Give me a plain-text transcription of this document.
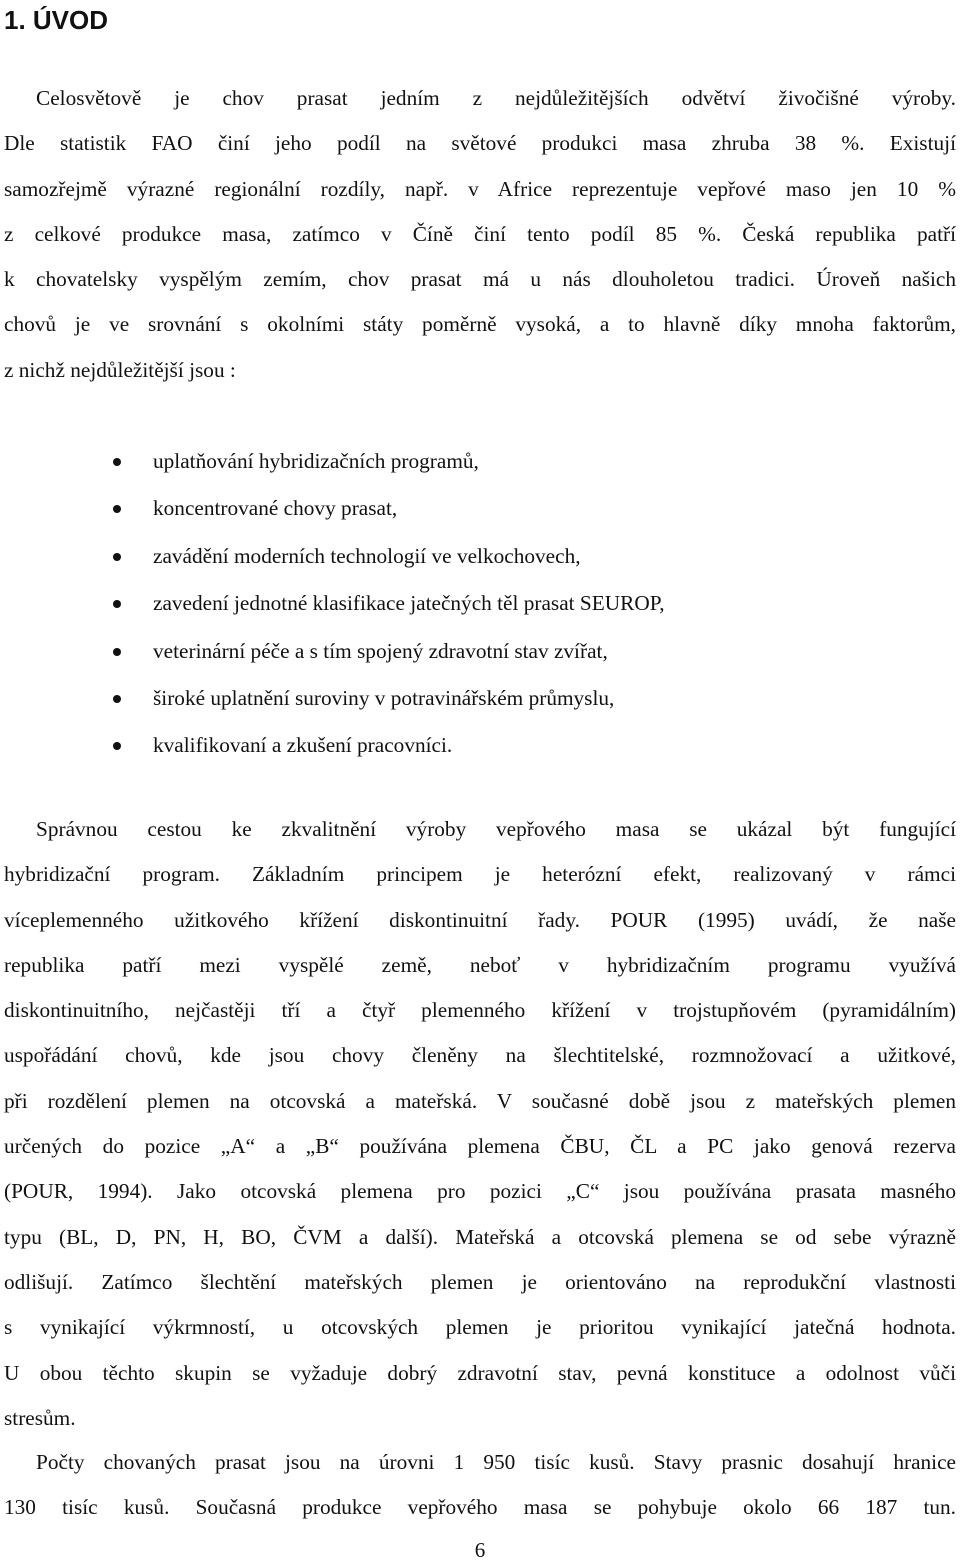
1. ÚVOD

Celosvětově je chov prasat jedním z nejdůležitějších odvětví živočišné výroby.
Dle statistik FAO činí jeho podíl na světové produkci masa zhruba 38 %. Existují
samozřejmě výrazné regionální rozdíly, např. v Africe reprezentuje vepřové maso jen 10 %
z celkové produkce masa, zatímco v Číně činí tento podíl 85 %. Česká republika patří
k chovatelsky vyspělým zemím, chov prasat má u nás dlouholetou tradici. Úroveň našich
chovů je ve srovnání s okolními státy poměrně vysoká, a to hlavně díky mnoha faktorům,
z nichž nejdůležitější jsou :

uplatňování hybridizačních programů,
koncentrované chovy prasat,
zavádění moderních technologií ve velkochovech,
zavedení jednotné klasifikace jatečných těl prasat SEUROP,
veterinární péče a s tím spojený zdravotní stav zvířat,
široké uplatnění suroviny v potravinářském průmyslu,
kvalifikovaní a zkušení pracovníci.

Správnou cestou ke zkvalitnění výroby vepřového masa se ukázal být fungující
hybridizační program. Základním principem je heterózní efekt, realizovaný v rámci
víceplemenného užitkového křížení diskontinuitní řady. POUR (1995) uvádí, že naše
republika patří mezi vyspělé země, neboť v hybridizačním programu využívá
diskontinuitního, nejčastěji tří a čtyř plemenného křížení v trojstupňovém (pyramidálním)
uspořádání chovů, kde jsou chovy členěny na šlechtitelské, rozmnožovací a užitkové,
při rozdělení plemen na otcovská a mateřská. V současné době jsou z mateřských plemen
určených do pozice „A“ a „B“ používána plemena ČBU, ČL a PC jako genová rezerva
(POUR, 1994). Jako otcovská plemena pro pozici „C“ jsou používána prasata masného
typu (BL, D, PN, H, BO, ČVM a další). Mateřská a otcovská plemena se od sebe výrazně
odlišují. Zatímco šlechtění mateřských plemen je orientováno na reprodukční vlastnosti
s vynikající výkrmností, u otcovských plemen je prioritou vynikající jatečná hodnota.
U obou těchto skupin se vyžaduje dobrý zdravotní stav, pevná konstituce a odolnost vůči
stresům.

Počty chovaných prasat jsou na úrovni 1 950 tisíc kusů. Stavy prasnic dosahují hranice
130 tisíc kusů. Současná produkce vepřového masa se pohybuje okolo 66 187 tun.

6
